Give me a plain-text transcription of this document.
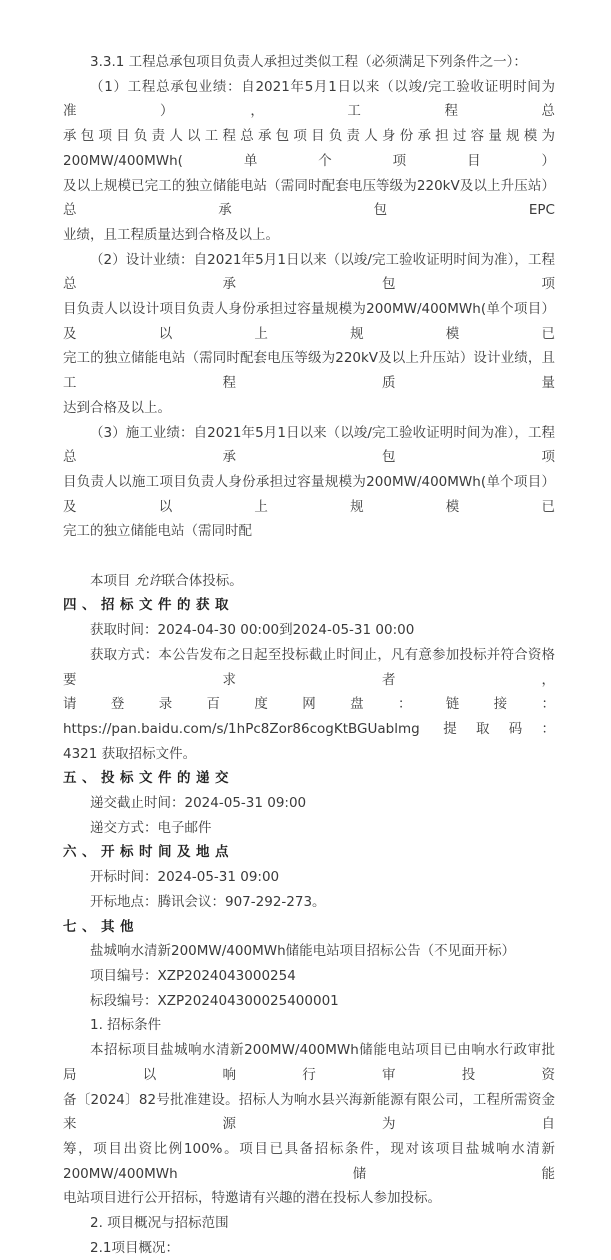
3.3.1 工程总承包项目负责人承担过类似工程（必须满足下列条件之一）：
（1）工程总承包业绩：自2021年5月1日以来（以竣/完工验收证明时间为准），工程总
承包项目负责人以工程总承包项目负责人身份承担过容量规模为200MW/400MWh(单个项目）
及以上规模已完工的独立储能电站（需同时配套电压等级为220kV及以上升压站）总承包EPC
业绩，且工程质量达到合格及以上。
（2）设计业绩：自2021年5月1日以来（以竣/完工验收证明时间为准），工程总承包项
目负责人以设计项目负责人身份承担过容量规模为200MW/400MWh(单个项目）及以上规模已
完工的独立储能电站（需同时配套电压等级为220kV及以上升压站）设计业绩，且工程质量
达到合格及以上。
（3）施工业绩：自2021年5月1日以来（以竣/完工验收证明时间为准），工程总承包项
目负责人以施工项目负责人身份承担过容量规模为200MW/400MWh(单个项目）及以上规模已
完工的独立储能电站（需同时配
本项目 允许联合体投标。
四、招标文件的获取
获取时间：2024-04-30 00:00到2024-05-31 00:00
获取方式：本公告发布之日起至投标截止时间止，凡有意参加投标并符合资格要求者，
请登录百度网盘：链接：https://pan.baidu.com/s/1hPc8Zor86cogKtBGUablmg 提取码：
4321 获取招标文件。
五、投标文件的递交
递交截止时间：2024-05-31 09:00
递交方式：电子邮件
六、开标时间及地点
开标时间：2024-05-31 09:00
开标地点：腾讯会议：907-292-273。
七、其他
盐城响水清新200MW/400MWh储能电站项目招标公告（不见面开标）
项目编号：XZP2024043000254
标段编号：XZP202404300025400001
1. 招标条件
本招标项目盐城响水清新200MW/400MWh储能电站项目已由响水行政审批局以响行审投资
备〔2024〕82号批准建设。招标人为响水县兴海新能源有限公司，工程所需资金来源为自
筹，项目出资比例100%。项目已具备招标条件，现对该项目盐城响水清新200MW/400MWh储能
电站项目进行公开招标，特邀请有兴趣的潜在投标人参加投标。
2. 项目概况与招标范围
2.1项目概况：
